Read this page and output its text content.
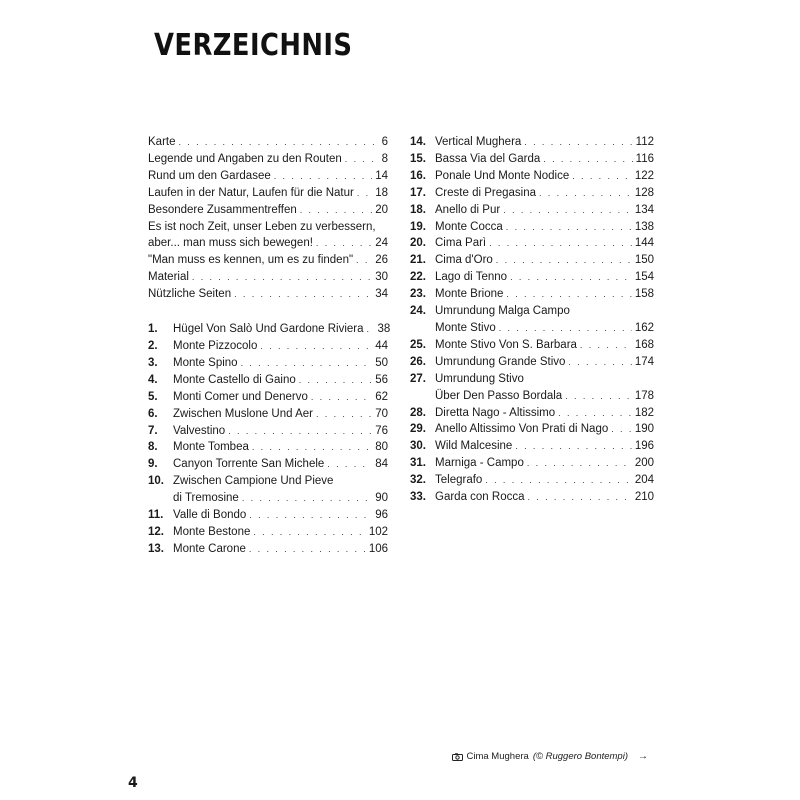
VERZEICHNIS
Karte . . .	6
Legende und Angaben zu den Routen . . .	8
Rund um den Gardasee . . .	14
Laufen in der Natur, Laufen für die Natur . . . 18
Besondere Zusammentreffen . . .	20
Es ist noch Zeit, unser Leben zu verbessern,
aber... man muss sich bewegen! . . .	24
"Man muss es kennen, um es zu finden" . . . 26
Material . . .	30
Nützliche Seiten . . .	34
1.	Hügel Von Salò Und Gardone Riviera . . . 38
2.	Monte Pizzocolo . . .	44
3.	Monte Spino . . .	50
4.	Monte Castello di Gaino . . .	56
5.	Monti Comer und Denervo . . .	62
6.	Zwischen Muslone Und Aer . . .	70
7.	Valvestino . . .	76
8.	Monte Tombea . . .	80
9.	Canyon Torrente San Michele . . .	84
10. Zwischen Campione Und Pieve
di Tremosine . . .	90
11. Valle di Bondo . . .	96
12. Monte Bestone . . .	102
13. Monte Carone . . .	106
14. Vertical Mughera . . .	112
15. Bassa Via del Garda . . .	116
16. Ponale Und Monte Nodice . . .	122
17. Creste di Pregasina . . .	128
18. Anello di Pur . . .	134
19. Monte Cocca . . .	138
20. Cima Parì . . .	144
21. Cima d'Oro . . .	150
22. Lago di Tenno . . .	154
23. Monte Brione . . .	158
24. Umrundung Malga Campo
Monte Stivo . . .	162
25. Monte Stivo Von S. Barbara . . .	168
26. Umrundung Grande Stivo . . .	174
27. Umrundung Stivo
Über Den Passo Bordala . . .	178
28. Diretta Nago - Altissimo . . .	182
29. Anello Altissimo Von Prati di Nago . . . 190
30. Wild Malcesine . . .	196
31. Marniga - Campo . . .	200
32. Telegrafo . . .	204
33. Garda con Rocca . . .	210
Cima Mughera (© Ruggero Bontempi) →
4
